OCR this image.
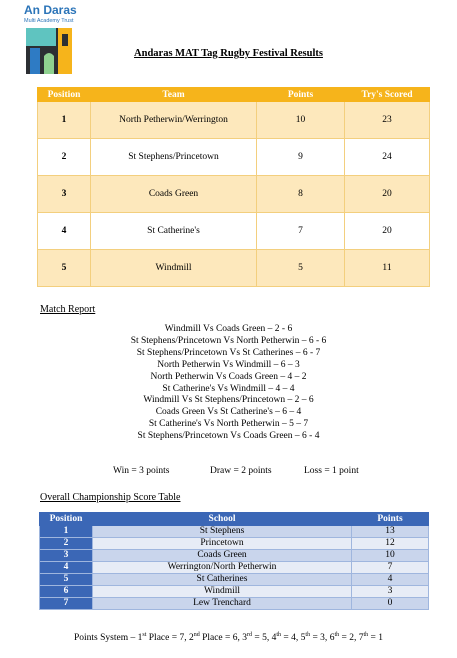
An Daras
Multi Academy Trust
Andaras MAT Tag Rugby Festival Results
Position	Team	Points	Try's Scored
1	North Petherwin/Werrington	10	23
2	St Stephens/Princetown	9	24
3	Coads Green	8	20
4	St Catherine's	7	20
5	Windmill	5	11
Match Report
Windmill Vs Coads Green – 2 - 6
St Stephens/Princetown Vs North Petherwin – 6 - 6
St Stephens/Princetown Vs St Catherines – 6 - 7
North Petherwin Vs Windmill – 6 – 3
North Petherwin Vs Coads Green – 4 – 2
St Catherine's Vs Windmill – 4 – 4
Windmill Vs St Stephens/Princetown – 2 – 6
Coads Green Vs St Catherine's – 6 – 4
St Catherine's Vs North Petherwin – 5 – 7
St Stephens/Princetown Vs Coads Green – 6 - 4
Win = 3 points	Draw = 2 points	Loss = 1 point
Overall Championship Score Table
Position	School	Points
1	St Stephens	13
2	Princetown	12
3	Coads Green	10
4	Werrington/North Petherwin	7
5	St Catherines	4
6	Windmill	3
7	Lew Trenchard	0
Points System – 1st Place = 7, 2nd Place = 6, 3rd = 5, 4th = 4, 5th = 3, 6th = 2, 7th = 1
